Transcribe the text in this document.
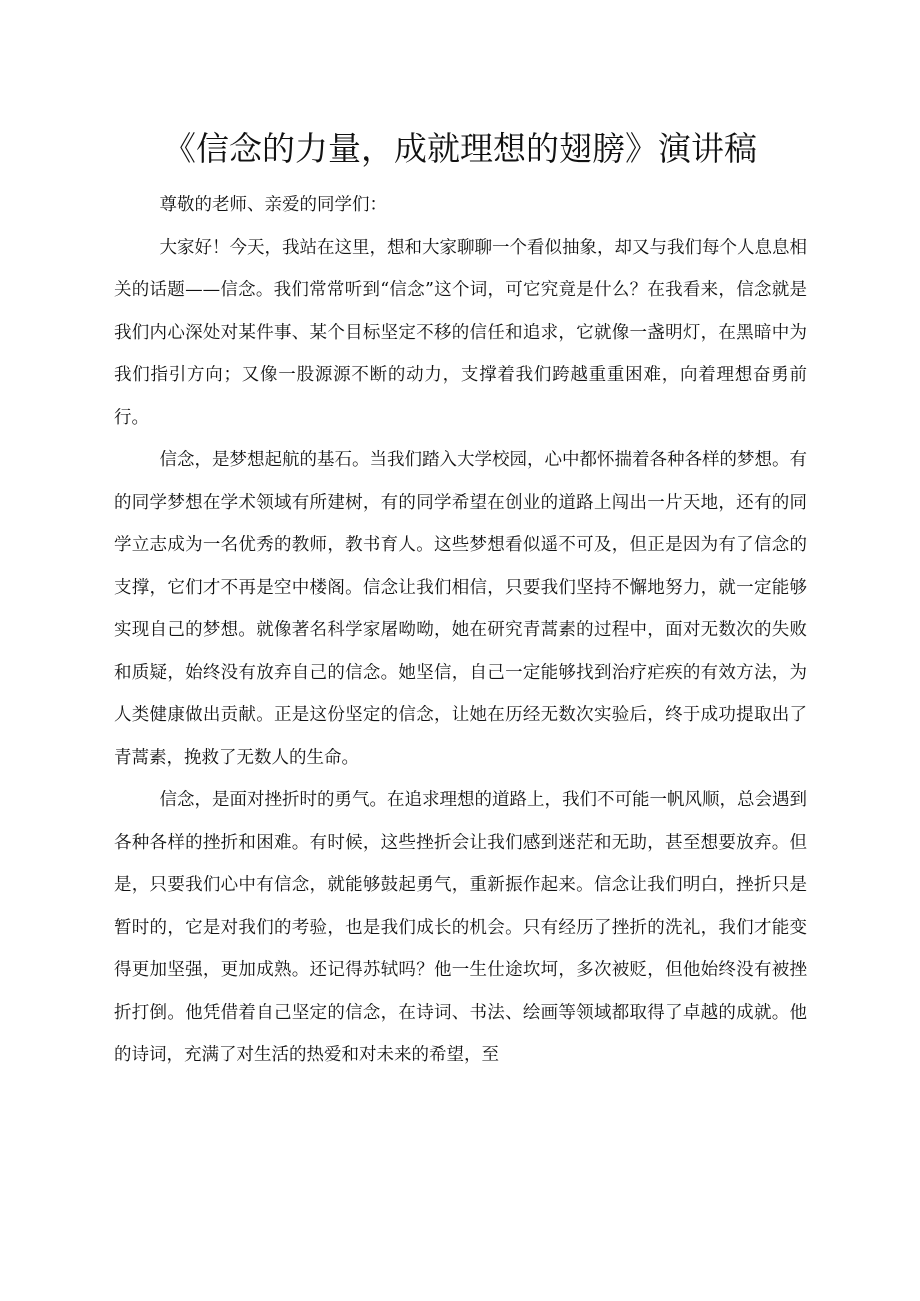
《信念的力量，成就理想的翅膀》演讲稿

尊敬的老师、亲爱的同学们：

大家好！今天，我站在这里，想和大家聊聊一个看似抽象，却又与我们每个人息息相关的话题——信念。我们常常听到“信念”这个词，可它究竟是什么？在我看来，信念就是我们内心深处对某件事、某个目标坚定不移的信任和追求，它就像一盏明灯，在黑暗中为我们指引方向；又像一股源源不断的动力，支撑着我们跨越重重困难，向着理想奋勇前行。

信念，是梦想起航的基石。当我们踏入大学校园，心中都怀揣着各种各样的梦想。有的同学梦想在学术领域有所建树，有的同学希望在创业的道路上闯出一片天地，还有的同学立志成为一名优秀的教师，教书育人。这些梦想看似遥不可及，但正是因为有了信念的支撑，它们才不再是空中楼阁。信念让我们相信，只要我们坚持不懈地努力，就一定能够实现自己的梦想。就像著名科学家屠呦呦，她在研究青蒿素的过程中，面对无数次的失败和质疑，始终没有放弃自己的信念。她坚信，自己一定能够找到治疗疟疾的有效方法，为人类健康做出贡献。正是这份坚定的信念，让她在历经无数次实验后，终于成功提取出了青蒿素，挽救了无数人的生命。

信念，是面对挫折时的勇气。在追求理想的道路上，我们不可能一帆风顺，总会遇到各种各样的挫折和困难。有时候，这些挫折会让我们感到迷茫和无助，甚至想要放弃。但是，只要我们心中有信念，就能够鼓起勇气，重新振作起来。信念让我们明白，挫折只是暂时的，它是对我们的考验，也是我们成长的机会。只有经历了挫折的洗礼，我们才能变得更加坚强，更加成熟。还记得苏轼吗？他一生仕途坎坷，多次被贬，但他始终没有被挫折打倒。他凭借着自己坚定的信念，在诗词、书法、绘画等领域都取得了卓越的成就。他的诗词，充满了对生活的热爱和对未来的希望，至
